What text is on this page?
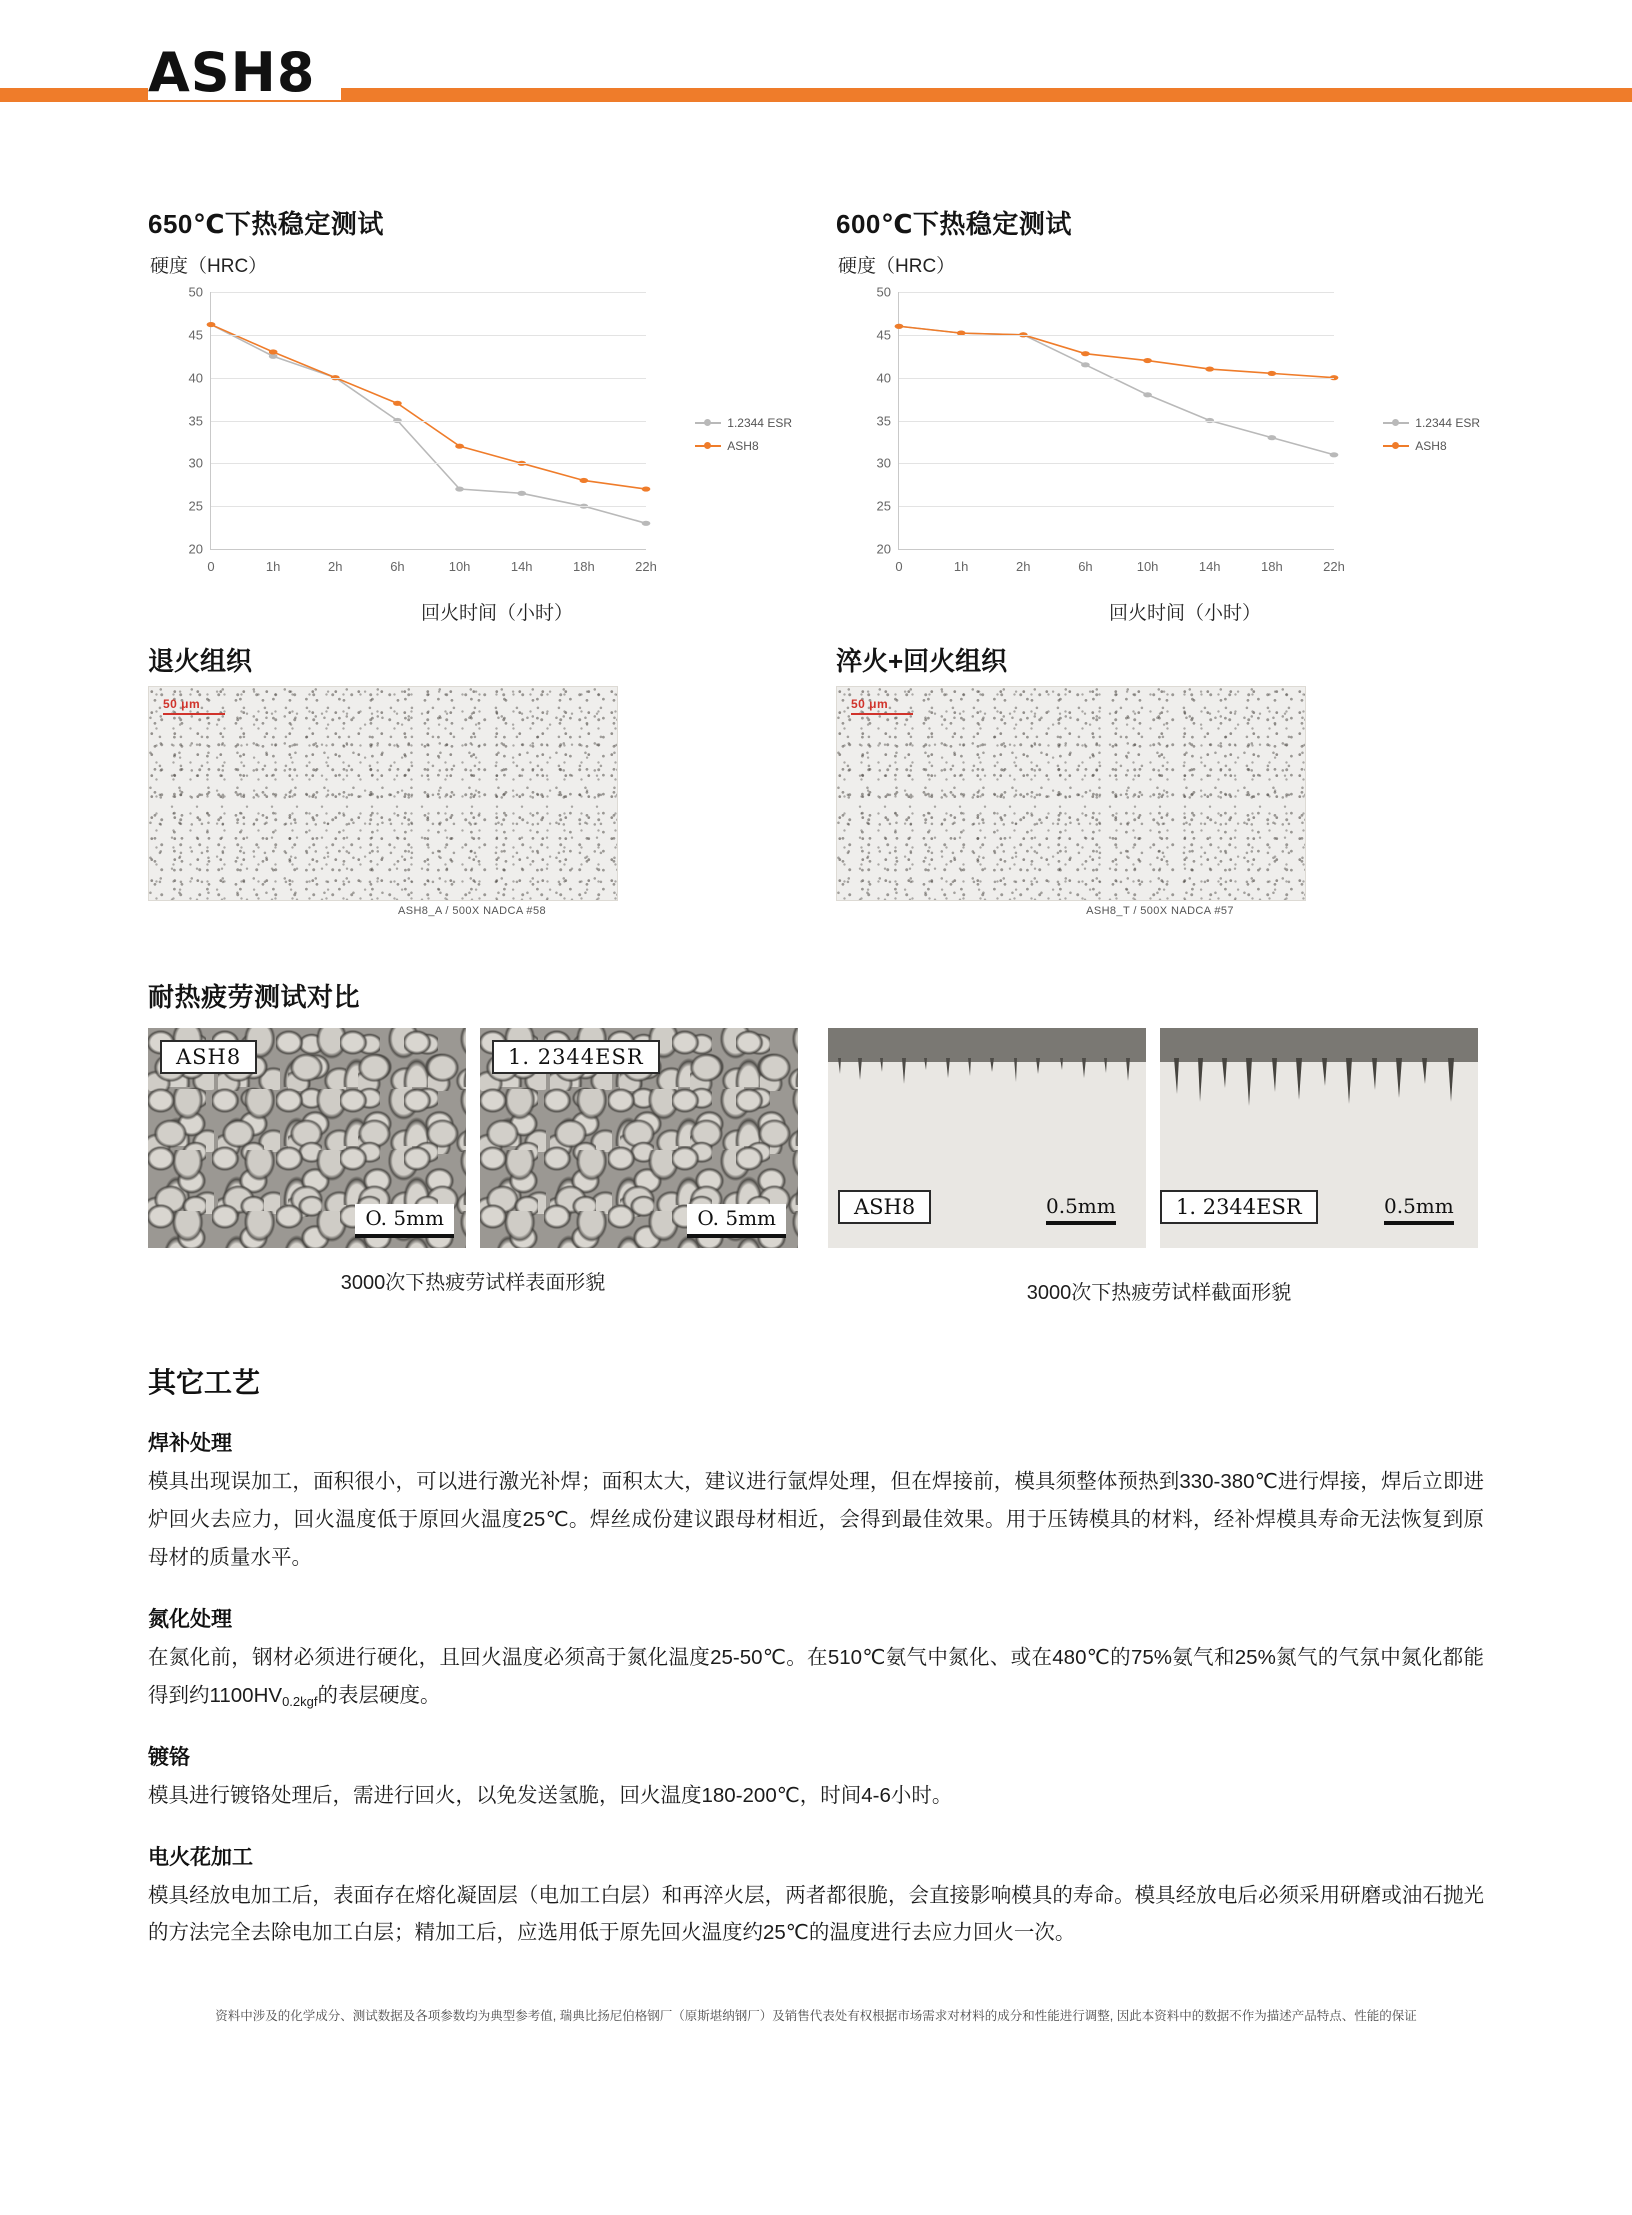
ASH8
650℃下热稳定测试
硬度（HRC）
20
25
30
35
40
45
50
0	1h	2h	6h	10h	14h	18h	22h
1.2344 ESR
ASH8
回火时间（小时）
退火组织
50 μm
ASH8_A / 500X NADCA #58
600℃下热稳定测试
硬度（HRC）
20
25
30
35
40
45
50
0	1h	2h	6h	10h	14h	18h	22h
1.2344 ESR
ASH8
回火时间（小时）
淬火+回火组织
50 μm
ASH8_T / 500X NADCA #57
耐热疲劳测试对比
ASH8
O. 5mm
1. 2344ESR
O. 5mm
3000次下热疲劳试样表面形貌
ASH8	0.5mm	1. 2344ESR	0.5mm
3000次下热疲劳试样截面形貌
其它工艺
焊补处理

模具出现误加工，面积很小，可以进行激光补焊；面积太大，建议进行氩焊处理，但在焊接前，模具须整体预热到330-380℃进行焊接，焊后立即进炉回火去应力，回火温度低于原回火温度25℃。焊丝成份建议跟母材相近，会得到最佳效果。用于压铸模具的材料，经补焊模具寿命无法恢复到原母材的质量水平。

氮化处理

在氮化前，钢材必须进行硬化，且回火温度必须高于氮化温度25-50℃。在510℃氨气中氮化、或在480℃的75%氨气和25%氮气的气氛中氮化都能得到约$1100HV_{0.2kgf}$的表层硬度。

镀铬

模具进行镀铬处理后，需进行回火，以免发送氢脆，回火温度180-200℃，时间4-6小时。

电火花加工

模具经放电加工后，表面存在熔化凝固层（电加工白层）和再淬火层，两者都很脆，会直接影响模具的寿命。模具经放电后必须采用研磨或油石抛光的方法完全去除电加工白层；精加工后，应选用低于原先回火温度约25℃的温度进行去应力回火一次。

资料中涉及的化学成分、测试数据及各项参数均为典型参考值, 瑞典比扬尼伯格钢厂（原斯堪纳钢厂）及销售代表处有权根据市场需求对材料的成分和性能进行调整, 因此本资料中的数据不作为描述产品特点、性能的保证
